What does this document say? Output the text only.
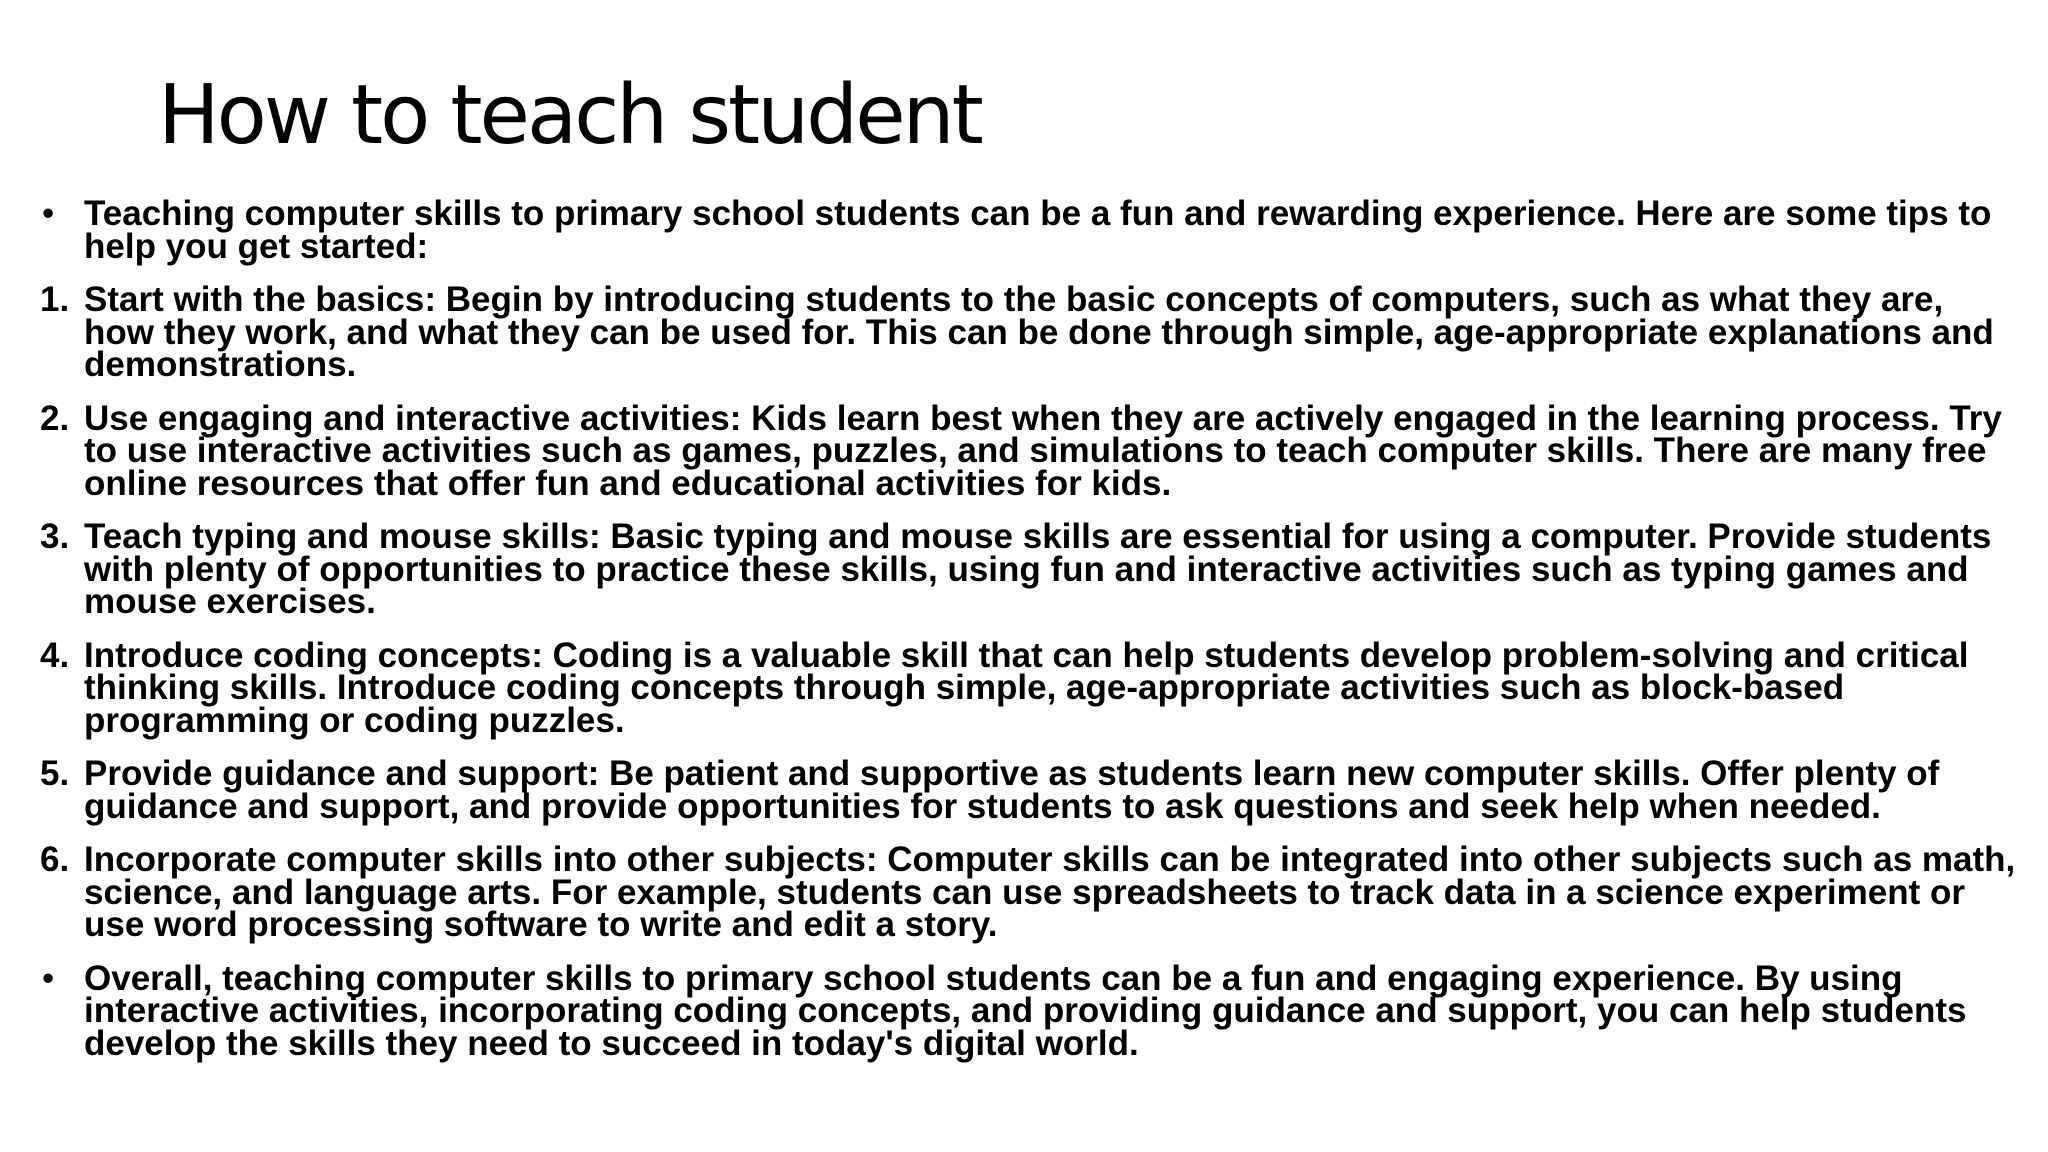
How to teach student
• Teaching computer skills to primary school students can be a fun and rewarding experience. Here are some tips to help you get started:
1. Start with the basics: Begin by introducing students to the basic concepts of computers, such as what they are, how they work, and what they can be used for. This can be done through simple, age-appropriate explanations and demonstrations.
2. Use engaging and interactive activities: Kids learn best when they are actively engaged in the learning process. Try to use interactive activities such as games, puzzles, and simulations to teach computer skills. There are many free online resources that offer fun and educational activities for kids.
3. Teach typing and mouse skills: Basic typing and mouse skills are essential for using a computer. Provide students with plenty of opportunities to practice these skills, using fun and interactive activities such as typing games and mouse exercises.
4. Introduce coding concepts: Coding is a valuable skill that can help students develop problem-solving and critical thinking skills. Introduce coding concepts through simple, age-appropriate activities such as block-based programming or coding puzzles.
5. Provide guidance and support: Be patient and supportive as students learn new computer skills. Offer plenty of guidance and support, and provide opportunities for students to ask questions and seek help when needed.
6. Incorporate computer skills into other subjects: Computer skills can be integrated into other subjects such as math, science, and language arts. For example, students can use spreadsheets to track data in a science experiment or use word processing software to write and edit a story.
• Overall, teaching computer skills to primary school students can be a fun and engaging experience. By using interactive activities, incorporating coding concepts, and providing guidance and support, you can help students develop the skills they need to succeed in today's digital world.
